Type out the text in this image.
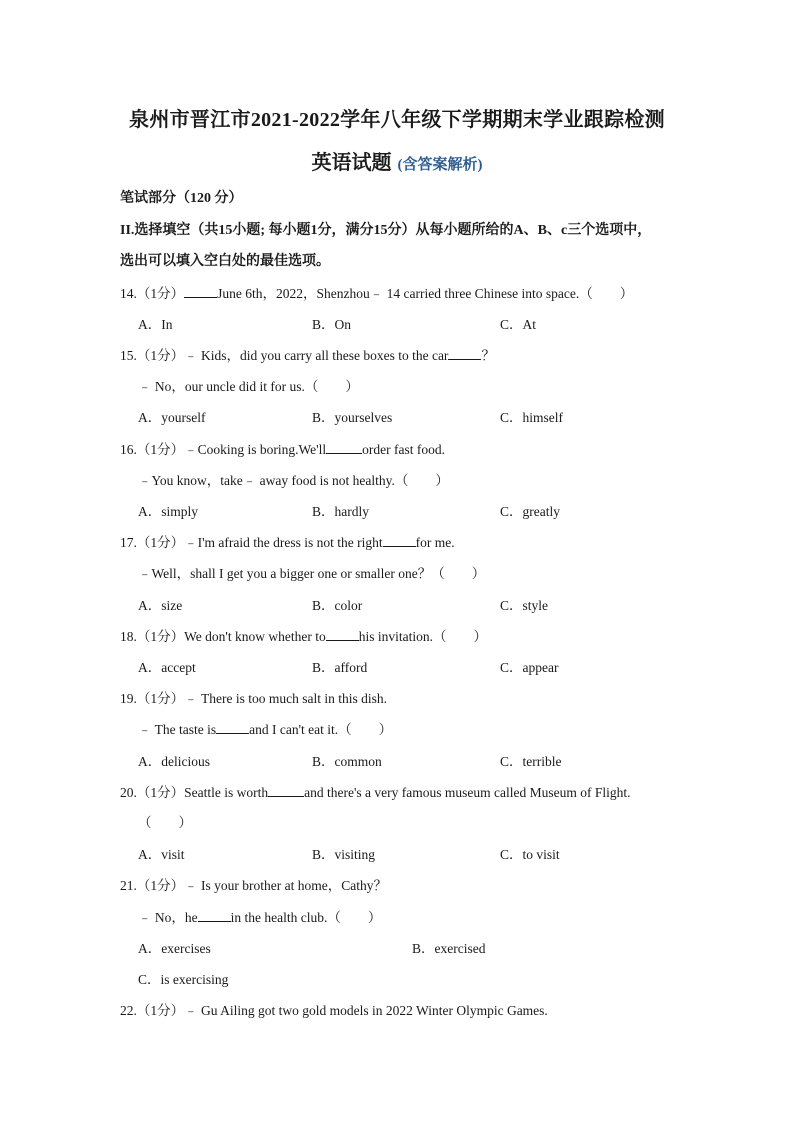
泉州市晋江市2021-2022学年八年级下学期期末学业跟踪检测
英语试题 (含答案解析)
笔试部分（120 分）
II.选择填空（共15小题; 每小题1分，满分15分）从每小题所给的A、B、c三个选项中，
选出可以填入空白处的最佳选项。
14.（1分） June 6th，2022，Shenzhou﹣ 14 carried three Chinese into space.（　　）
A．In	B．On	C．At
15.（1分）﹣ Kids，did you carry all these boxes to the car ？
﹣ No，our uncle did it for us.（　　）
A．yourself	B．yourselves	C．himself
16.（1分）﹣Cooking is boring.We'll	order fast food.
﹣You know，take﹣ away food is not healthy.（　　）
A．simply	B．hardly	C．greatly
17.（1分）﹣I'm afraid the dress is not the right for me.
﹣Well，shall I get you a bigger one or smaller one？（　　）
A．size	B．color	C．style
18.（1分）We don't know whether to his invitation.（　　）
A．accept	B．afford	C．appear
19.（1分）﹣ There is too much salt in this dish.
﹣ The taste is and I can't eat it.（　　）
A．delicious	B．common	C．terrible
20.（1分）Seattle is worth	and there's a very famous museum called Museum of Flight.
（　　）
A．visit	B．visiting	C．to visit
21.（1分）﹣ Is your brother at home，Cathy？
﹣ No，he in the health club.（　　）
A．exercises	B．exercised
C．is exercising
22.（1分）﹣ Gu Ailing got two gold models in 2022 Winter Olympic Games.
